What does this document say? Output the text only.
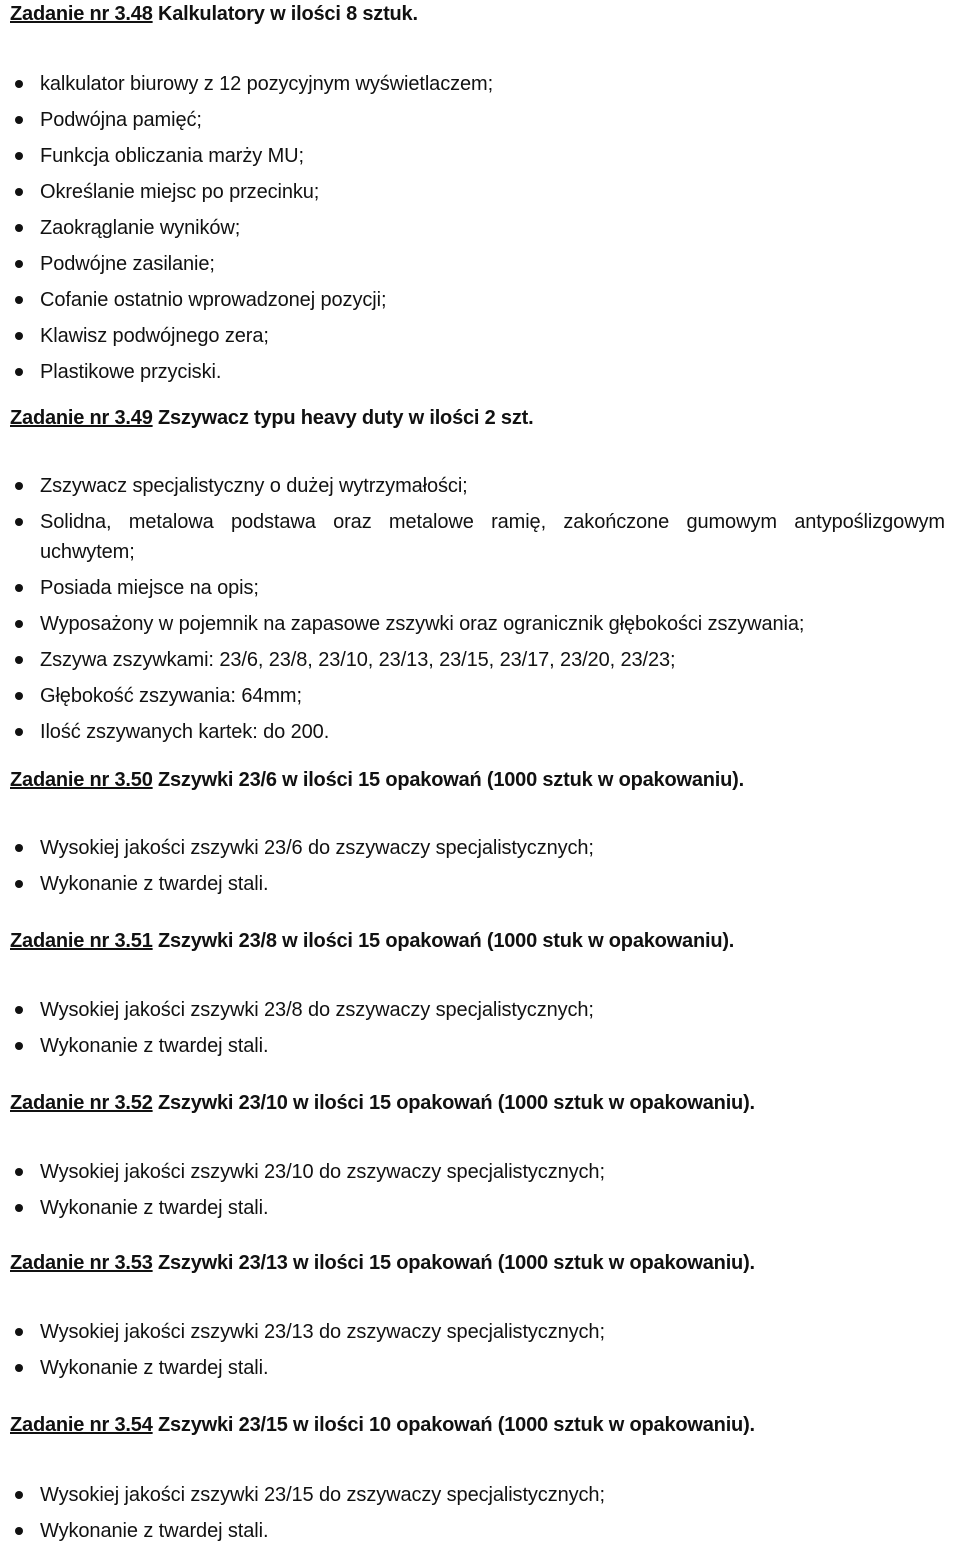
Zadanie nr 3.48 Kalkulatory w ilości 8 sztuk.
kalkulator biurowy z 12 pozycyjnym wyświetlaczem;
Podwójna pamięć;
Funkcja obliczania marży MU;
Określanie miejsc po przecinku;
Zaokrąglanie wyników;
Podwójne zasilanie;
Cofanie ostatnio wprowadzonej pozycji;
Klawisz podwójnego zera;
Plastikowe przyciski.
Zadanie nr 3.49 Zszywacz typu heavy duty w ilości 2 szt.
Zszywacz specjalistyczny o dużej wytrzymałości;
Solidna, metalowa podstawa oraz metalowe ramię, zakończone gumowym antypoślizgowym uchwytem;
Posiada miejsce na opis;
Wyposażony w pojemnik na zapasowe zszywki oraz ogranicznik głębokości zszywania;
Zszywa zszywkami: 23/6, 23/8, 23/10, 23/13, 23/15, 23/17, 23/20, 23/23;
Głębokość zszywania: 64mm;
Ilość zszywanych kartek: do 200.
Zadanie nr 3.50 Zszywki 23/6 w ilości 15 opakowań (1000 sztuk w opakowaniu).
Wysokiej jakości zszywki 23/6 do zszywaczy specjalistycznych;
Wykonanie z twardej stali.
Zadanie nr 3.51 Zszywki 23/8 w ilości 15 opakowań (1000 stuk w opakowaniu).
Wysokiej jakości zszywki 23/8 do zszywaczy specjalistycznych;
Wykonanie z twardej stali.
Zadanie nr 3.52 Zszywki 23/10 w ilości 15 opakowań (1000 sztuk w opakowaniu).
Wysokiej jakości zszywki 23/10 do zszywaczy specjalistycznych;
Wykonanie z twardej stali.
Zadanie nr 3.53 Zszywki 23/13 w ilości 15 opakowań (1000 sztuk w opakowaniu).
Wysokiej jakości zszywki 23/13 do zszywaczy specjalistycznych;
Wykonanie z twardej stali.
Zadanie nr 3.54 Zszywki 23/15 w ilości 10 opakowań (1000 sztuk w opakowaniu).
Wysokiej jakości zszywki 23/15 do zszywaczy specjalistycznych;
Wykonanie z twardej stali.
